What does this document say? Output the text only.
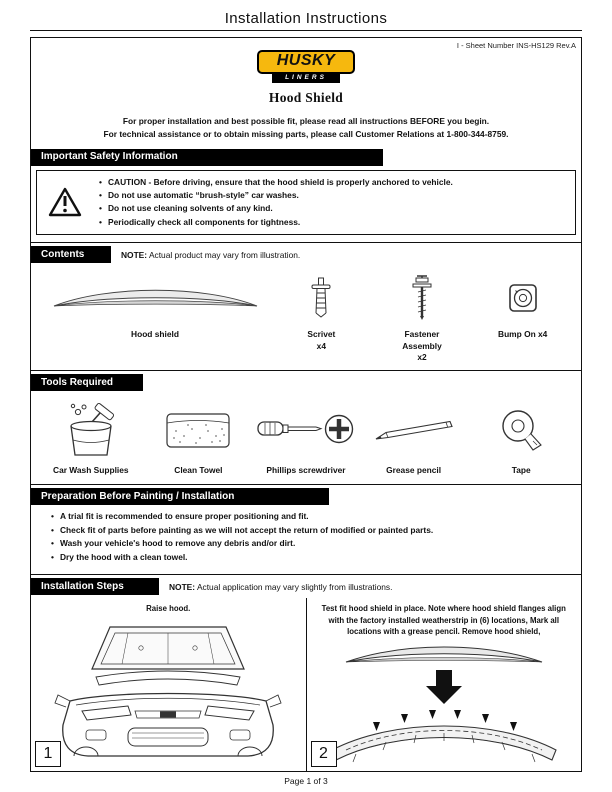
Installation Instructions
I - Sheet Number INS-HS129 Rev.A
HUSKY
LINERS
Hood Shield
For proper installation and best possible fit, please read all instructions BEFORE you begin.
For technical assistance or to obtain missing parts, please call Customer Relations at 1-800-344-8759.
Important Safety Information
• CAUTION - Before driving, ensure that the hood shield is properly anchored to vehicle.
• Do not use automatic “brush-style” car washes.
• Do not use cleaning solvents of any kind.
• Periodically check all components for tightness.
Contents	NOTE: Actual product may vary from illustration.
Hood shield	Scrivet
x4
Fastener Assembly
x2
Bump On x4
Tools Required
Car Wash Supplies	Clean Towel	Phillips screwdriver	Grease pencil	Tape
Preparation Before Painting / Installation
• A trial fit is recommended to ensure proper positioning and fit.
• Check fit of parts before painting as we will not accept the return of modified or painted parts.
• Wash your vehicle's hood to remove any debris and/or dirt.
• Dry the hood with a clean towel.
Installation Steps	NOTE: Actual application may vary slightly from illustrations.
Raise hood.
1
Test fit hood shield in place. Note where hood shield flanges align with the factory installed weatherstrip in (6) locations, Mark all locations with a grease pencil. Remove hood shield,
2
Page 1 of 3
